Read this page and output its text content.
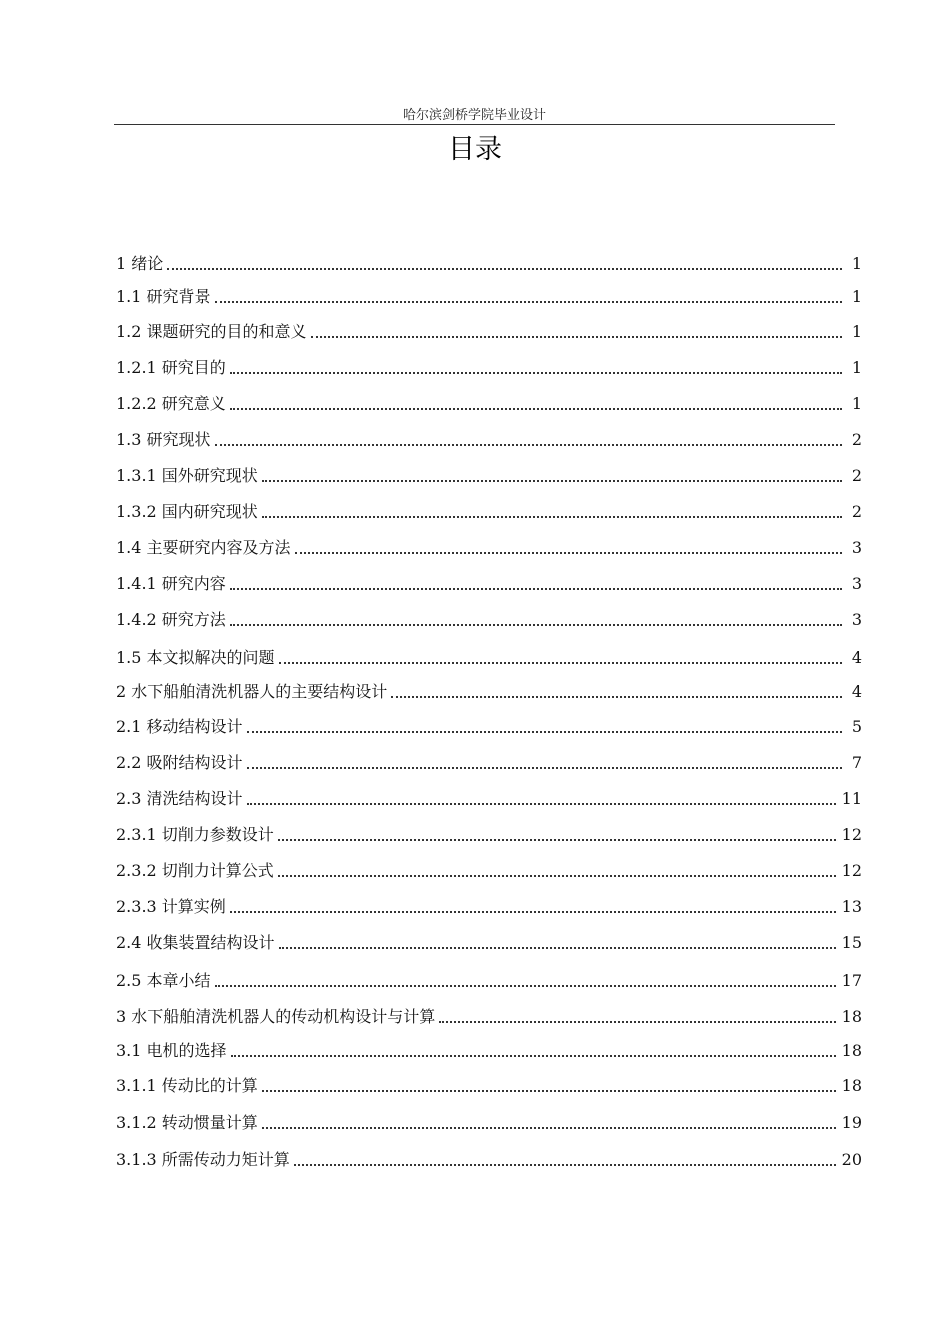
哈尔滨剑桥学院毕业设计
目录
1 绪论	1
1.1 研究背景	1
1.2 课题研究的目的和意义	1
1.2.1 研究目的	1
1.2.2 研究意义	1
1.3 研究现状	2
1.3.1 国外研究现状	2
1.3.2 国内研究现状	2
1.4 主要研究内容及方法	3
1.4.1 研究内容	3
1.4.2 研究方法	3
1.5 本文拟解决的问题	4
2 水下船舶清洗机器人的主要结构设计	4
2.1 移动结构设计	5
2.2 吸附结构设计	7
2.3 清洗结构设计	11
2.3.1 切削力参数设计	12
2.3.2 切削力计算公式	12
2.3.3 计算实例	13
2.4 收集装置结构设计	15
2.5 本章小结	17
3 水下船舶清洗机器人的传动机构设计与计算	18
3.1 电机的选择	18
3.1.1 传动比的计算	18
3.1.2 转动惯量计算	19
3.1.3 所需传动力矩计算	20
